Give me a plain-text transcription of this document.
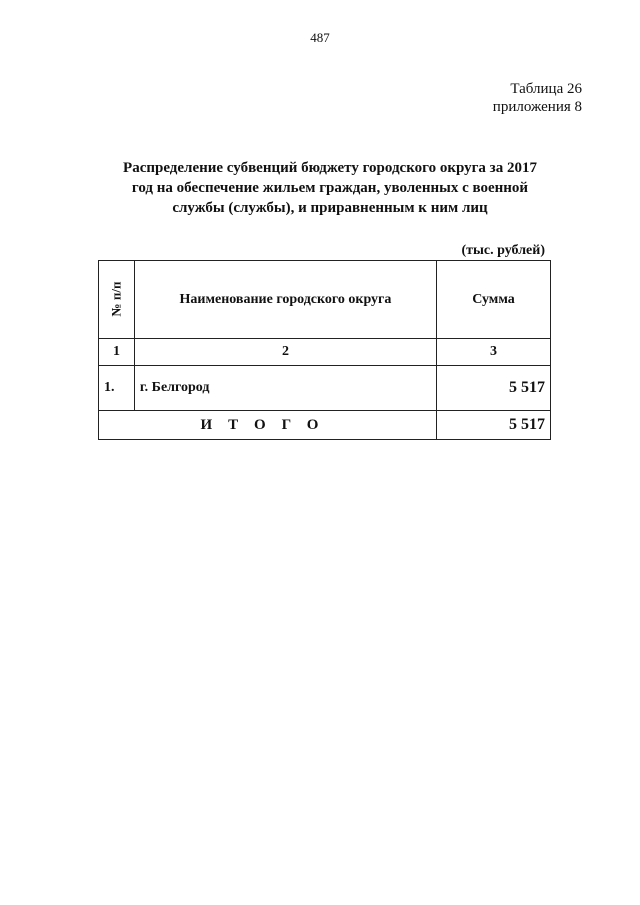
487
Таблица 26
приложения 8
Распределение субвенций бюджету городского округа за 2017
год на обеспечение жильем граждан, уволенных с военной
службы (службы), и приравненным к ним лиц
(тыс. рублей)
№ п/п	Наименование городского округа	Сумма
1	2	3
1.	г. Белгород	5 517
ИТОГО		5 517
